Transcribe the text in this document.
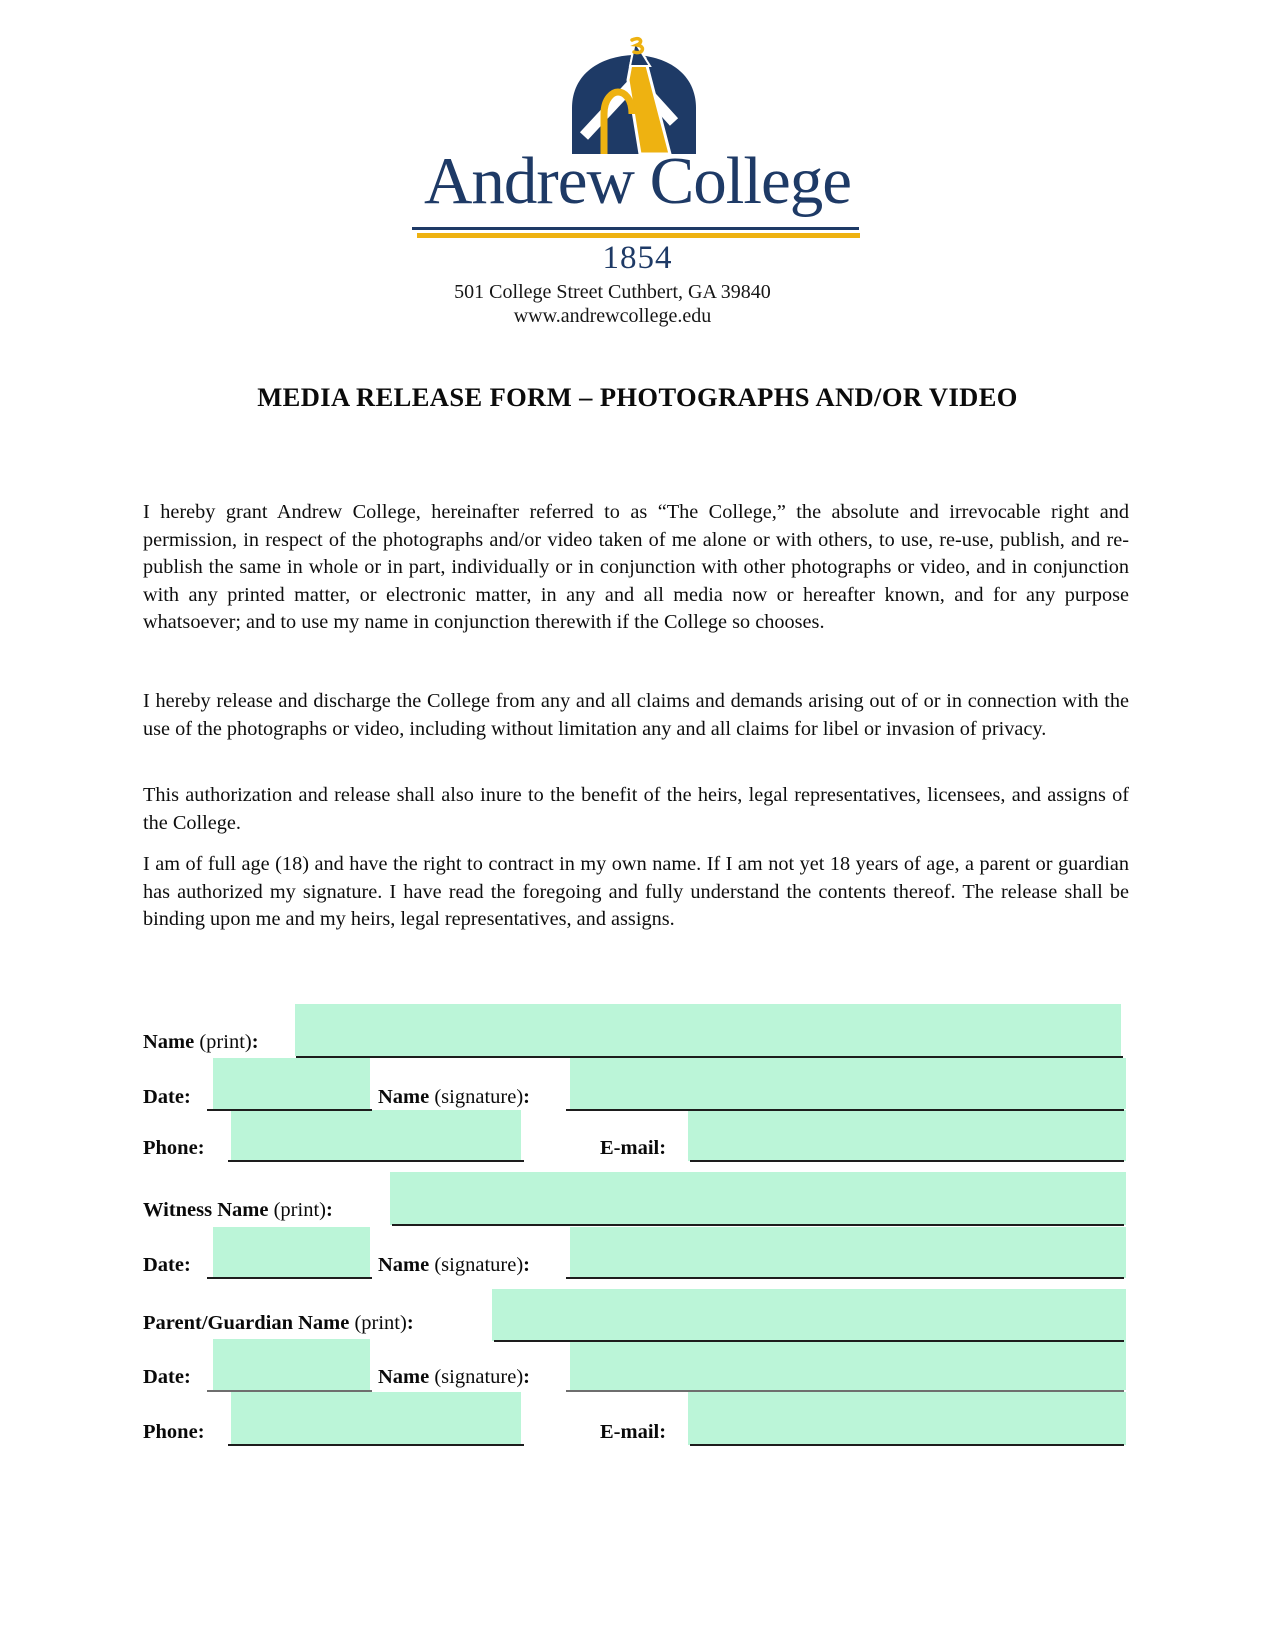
Andrew College
1854
501 College Street Cuthbert, GA 39840
www.andrewcollege.edu
MEDIA RELEASE FORM – PHOTOGRAPHS AND/OR VIDEO
I hereby grant Andrew College, hereinafter referred to as “The College,” the absolute and irrevocable right and permission, in respect of the photographs and/or video taken of me alone or with others, to use, re-use, publish, and re-publish the same in whole or in part, individually or in conjunction with other photographs or video, and in conjunction with any printed matter, or electronic matter, in any and all media now or hereafter known, and for any purpose whatsoever; and to use my name in conjunction therewith if the College so chooses.
I hereby release and discharge the College from any and all claims and demands arising out of or in connection with the use of the photographs or video, including without limitation any and all claims for libel or invasion of privacy.
This authorization and release shall also inure to the benefit of the heirs, legal representatives, licensees, and assigns of the College.
I am of full age (18) and have the right to contract in my own name. If I am not yet 18 years of age, a parent or guardian has authorized my signature. I have read the foregoing and fully understand the contents thereof. The release shall be binding upon me and my heirs, legal representatives, and assigns.
Name (print):
Date:	Name (signature):
Phone:	E-mail:
Witness Name (print):
Date:	Name (signature):
Parent/Guardian Name (print):
Date:	Name (signature):
Phone:	E-mail:
